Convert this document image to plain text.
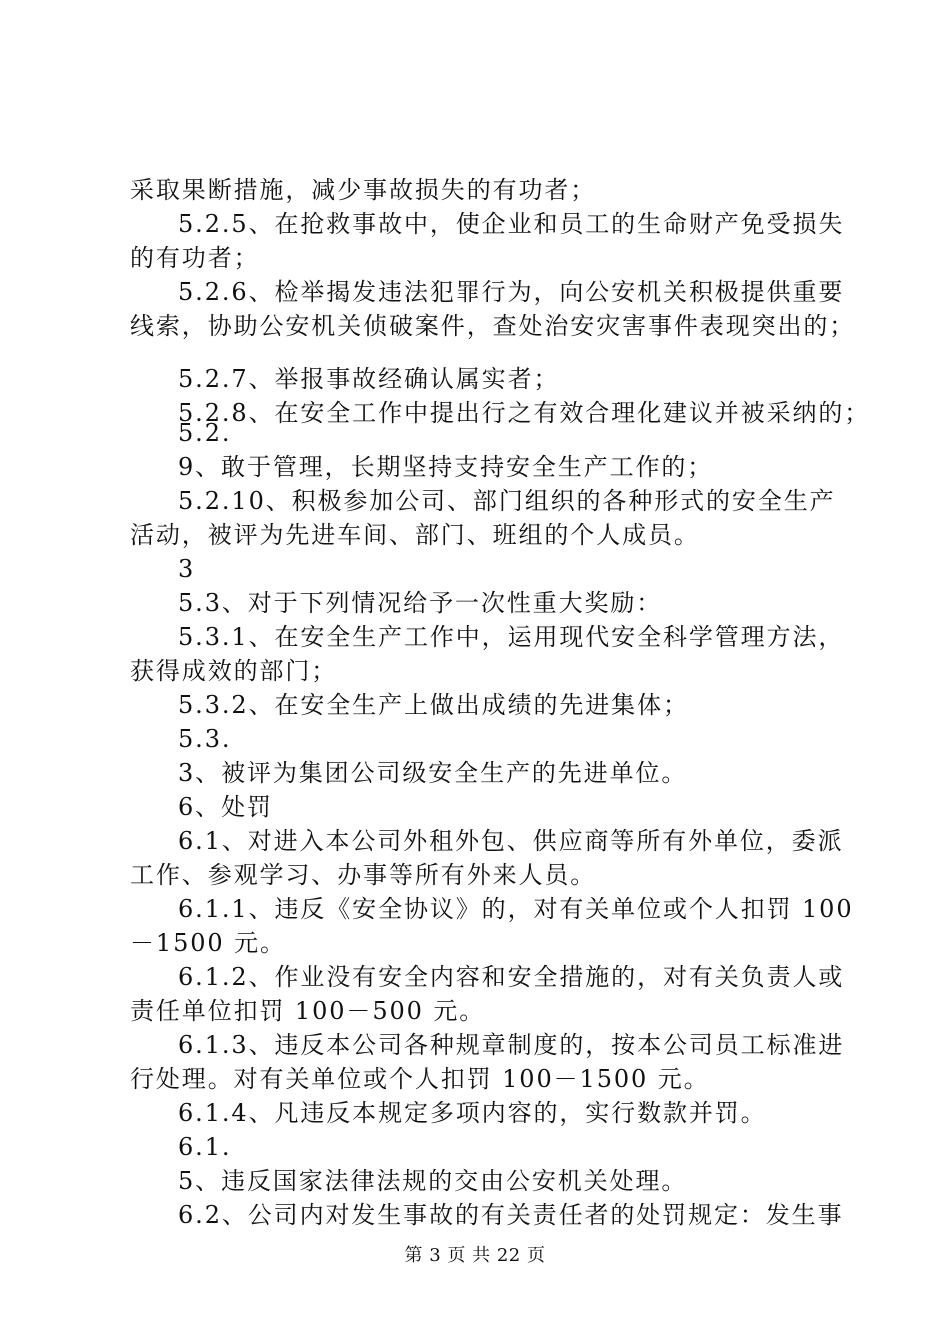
采取果断措施，减少事故损失的有功者；
5.2.5、在抢救事故中，使企业和员工的生命财产免受损失
的有功者；
5.2.6、检举揭发违法犯罪行为，向公安机关积极提供重要
线索，协助公安机关侦破案件，查处治安灾害事件表现突出的；
5.2.7、举报事故经确认属实者；
5.2.8、在安全工作中提出行之有效合理化建议并被采纳的；
5.2.
9、敢于管理，长期坚持支持安全生产工作的；
5.2.10、积极参加公司、部门组织的各种形式的安全生产
活动，被评为先进车间、部门、班组的个人成员。
3
5.3、对于下列情况给予一次性重大奖励：
5.3.1、在安全生产工作中，运用现代安全科学管理方法，
获得成效的部门；
5.3.2、在安全生产上做出成绩的先进集体；
5.3.
3、被评为集团公司级安全生产的先进单位。
6、处罚
6.1、对进入本公司外租外包、供应商等所有外单位，委派
工作、参观学习、办事等所有外来人员。
6.1.1、违反《安全协议》的，对有关单位或个人扣罚 100
－1500 元。
6.1.2、作业没有安全内容和安全措施的，对有关负责人或
责任单位扣罚 100－500 元。
6.1.3、违反本公司各种规章制度的，按本公司员工标准进
行处理。对有关单位或个人扣罚 100－1500 元。
6.1.4、凡违反本规定多项内容的，实行数款并罚。
6.1.
5、违反国家法律法规的交由公安机关处理。
6.2、公司内对发生事故的有关责任者的处罚规定：发生事
第 3 页 共 22 页
